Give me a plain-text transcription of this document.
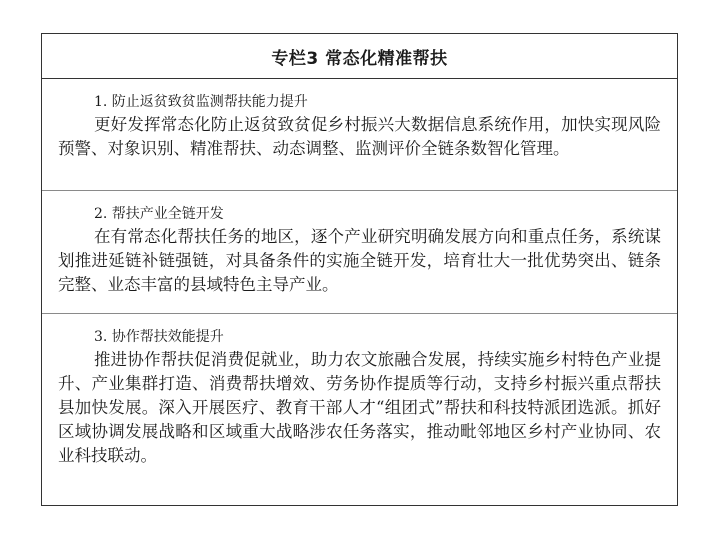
专栏3 常态化精准帮扶
1. 防止返贫致贫监测帮扶能力提升

更好发挥常态化防止返贫致贫促乡村振兴大数据信息系统作用，加快实现风险预警、对象识别、精准帮扶、动态调整、监测评价全链条数智化管理。

2. 帮扶产业全链开发

在有常态化帮扶任务的地区，逐个产业研究明确发展方向和重点任务，系统谋划推进延链补链强链，对具备条件的实施全链开发，培育壮大一批优势突出、链条完整、业态丰富的县域特色主导产业。

3. 协作帮扶效能提升

推进协作帮扶促消费促就业，助力农文旅融合发展，持续实施乡村特色产业提升、产业集群打造、消费帮扶增效、劳务协作提质等行动，支持乡村振兴重点帮扶县加快发展。深入开展医疗、教育干部人才“组团式”帮扶和科技特派团选派。抓好区域协调发展战略和区域重大战略涉农任务落实，推动毗邻地区乡村产业协同、农业科技联动。
